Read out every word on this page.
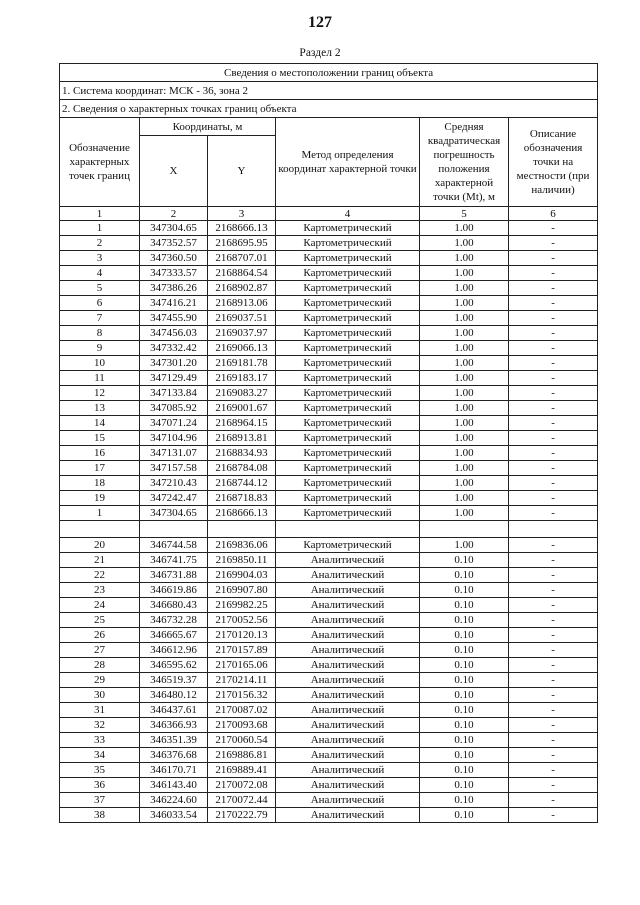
127
Раздел 2
Сведения о местоположении границ объекта					
1. Система координат: МСК - 36, зона 2					
2. Сведения о характерных точках границ объекта					
Обозначение характерных точек границ	Координаты, м		Метод определения координат характерной точки	Средняя квадратическая погрешность положения характерной точки (Mt), м	Описание обозначения точки на местности (при наличии)
	X	Y			
1	2	3	4	5	6
1	347304.65	2168666.13	Картометрический	1.00	-
2	347352.57	2168695.95	Картометрический	1.00	-
3	347360.50	2168707.01	Картометрический	1.00	-
4	347333.57	2168864.54	Картометрический	1.00	-
5	347386.26	2168902.87	Картометрический	1.00	-
6	347416.21	2168913.06	Картометрический	1.00	-
7	347455.90	2169037.51	Картометрический	1.00	-
8	347456.03	2169037.97	Картометрический	1.00	-
9	347332.42	2169066.13	Картометрический	1.00	-
10	347301.20	2169181.78	Картометрический	1.00	-
11	347129.49	2169183.17	Картометрический	1.00	-
12	347133.84	2169083.27	Картометрический	1.00	-
13	347085.92	2169001.67	Картометрический	1.00	-
14	347071.24	2168964.15	Картометрический	1.00	-
15	347104.96	2168913.81	Картометрический	1.00	-
16	347131.07	2168834.93	Картометрический	1.00	-
17	347157.58	2168784.08	Картометрический	1.00	-
18	347210.43	2168744.12	Картометрический	1.00	-
19	347242.47	2168718.83	Картометрический	1.00	-
1	347304.65	2168666.13	Картометрический	1.00	-

20	346744.58	2169836.06	Картометрический	1.00	-
21	346741.75	2169850.11	Аналитический	0.10	-
22	346731.88	2169904.03	Аналитический	0.10	-
23	346619.86	2169907.80	Аналитический	0.10	-
24	346680.43	2169982.25	Аналитический	0.10	-
25	346732.28	2170052.56	Аналитический	0.10	-
26	346665.67	2170120.13	Аналитический	0.10	-
27	346612.96	2170157.89	Аналитический	0.10	-
28	346595.62	2170165.06	Аналитический	0.10	-
29	346519.37	2170214.11	Аналитический	0.10	-
30	346480.12	2170156.32	Аналитический	0.10	-
31	346437.61	2170087.02	Аналитический	0.10	-
32	346366.93	2170093.68	Аналитический	0.10	-
33	346351.39	2170060.54	Аналитический	0.10	-
34	346376.68	2169886.81	Аналитический	0.10	-
35	346170.71	2169889.41	Аналитический	0.10	-
36	346143.40	2170072.08	Аналитический	0.10	-
37	346224.60	2170072.44	Аналитический	0.10	-
38	346033.54	2170222.79	Аналитический	0.10	-
